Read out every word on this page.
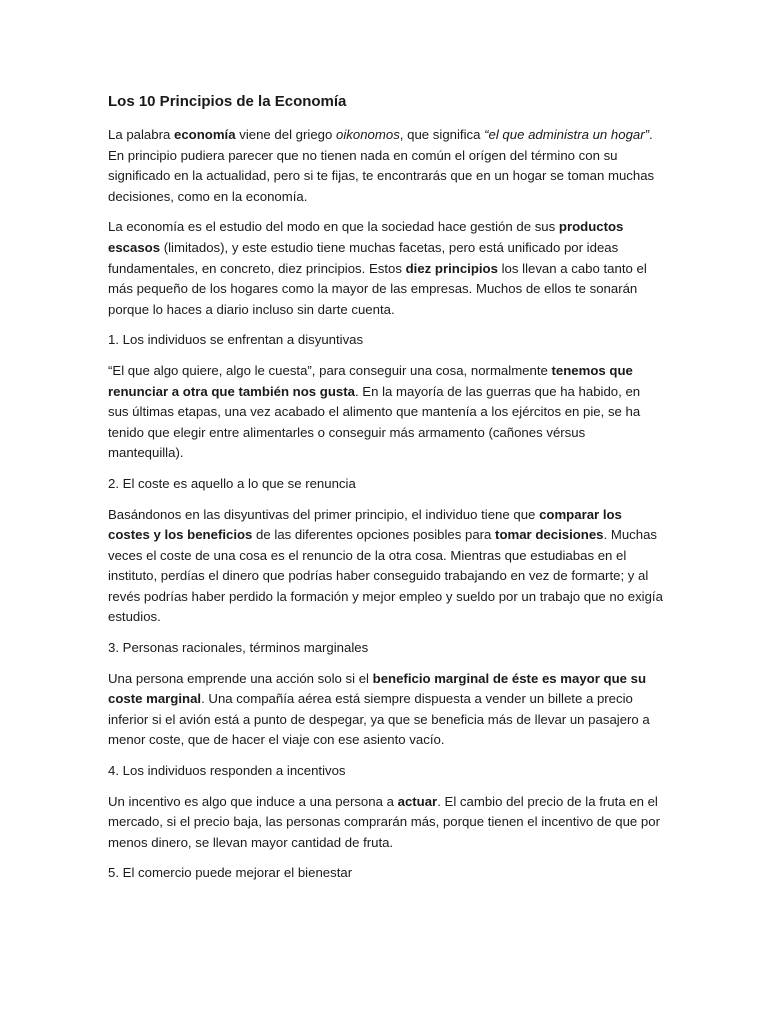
Los 10 Principios de la Economía

La palabra economía viene del griego oikonomos, que significa “el que administra un hogar”. En principio pudiera parecer que no tienen nada en común el orígen del término con su significado en la actualidad, pero si te fijas, te encontrarás que en un hogar se toman muchas decisiones, como en la economía.

La economía es el estudio del modo en que la sociedad hace gestión de sus productos escasos (limitados), y este estudio tiene muchas facetas, pero está unificado por ideas fundamentales, en concreto, diez principios. Estos diez principios los llevan a cabo tanto el más pequeño de los hogares como la mayor de las empresas. Muchos de ellos te sonarán porque lo haces a diario incluso sin darte cuenta.

1. Los individuos se enfrentan a disyuntivas

“El que algo quiere, algo le cuesta”, para conseguir una cosa, normalmente tenemos que renunciar a otra que también nos gusta. En la mayoría de las guerras que ha habido, en sus últimas etapas, una vez acabado el alimento que mantenía a los ejércitos en pie, se ha tenido que elegir entre alimentarles o conseguir más armamento (cañones vérsus mantequilla).

2. El coste es aquello a lo que se renuncia

Basándonos en las disyuntivas del primer principio, el individuo tiene que comparar los costes y los beneficios de las diferentes opciones posibles para tomar decisiones. Muchas veces el coste de una cosa es el renuncio de la otra cosa. Mientras que estudiabas en el instituto, perdías el dinero que podrías haber conseguido trabajando en vez de formarte; y al revés podrías haber perdido la formación y mejor empleo y sueldo por un trabajo que no exigía estudios.

3. Personas racionales, términos marginales

Una persona emprende una acción solo si el beneficio marginal de éste es mayor que su coste marginal. Una compañía aérea está siempre dispuesta a vender un billete a precio inferior si el avión está a punto de despegar, ya que se beneficia más de llevar un pasajero a menor coste, que de hacer el viaje con ese asiento vacío.

4. Los individuos responden a incentivos

Un incentivo es algo que induce a una persona a actuar. El cambio del precio de la fruta en el mercado, si el precio baja, las personas comprarán más, porque tienen el incentivo de que por menos dinero, se llevan mayor cantidad de fruta.

5. El comercio puede mejorar el bienestar
